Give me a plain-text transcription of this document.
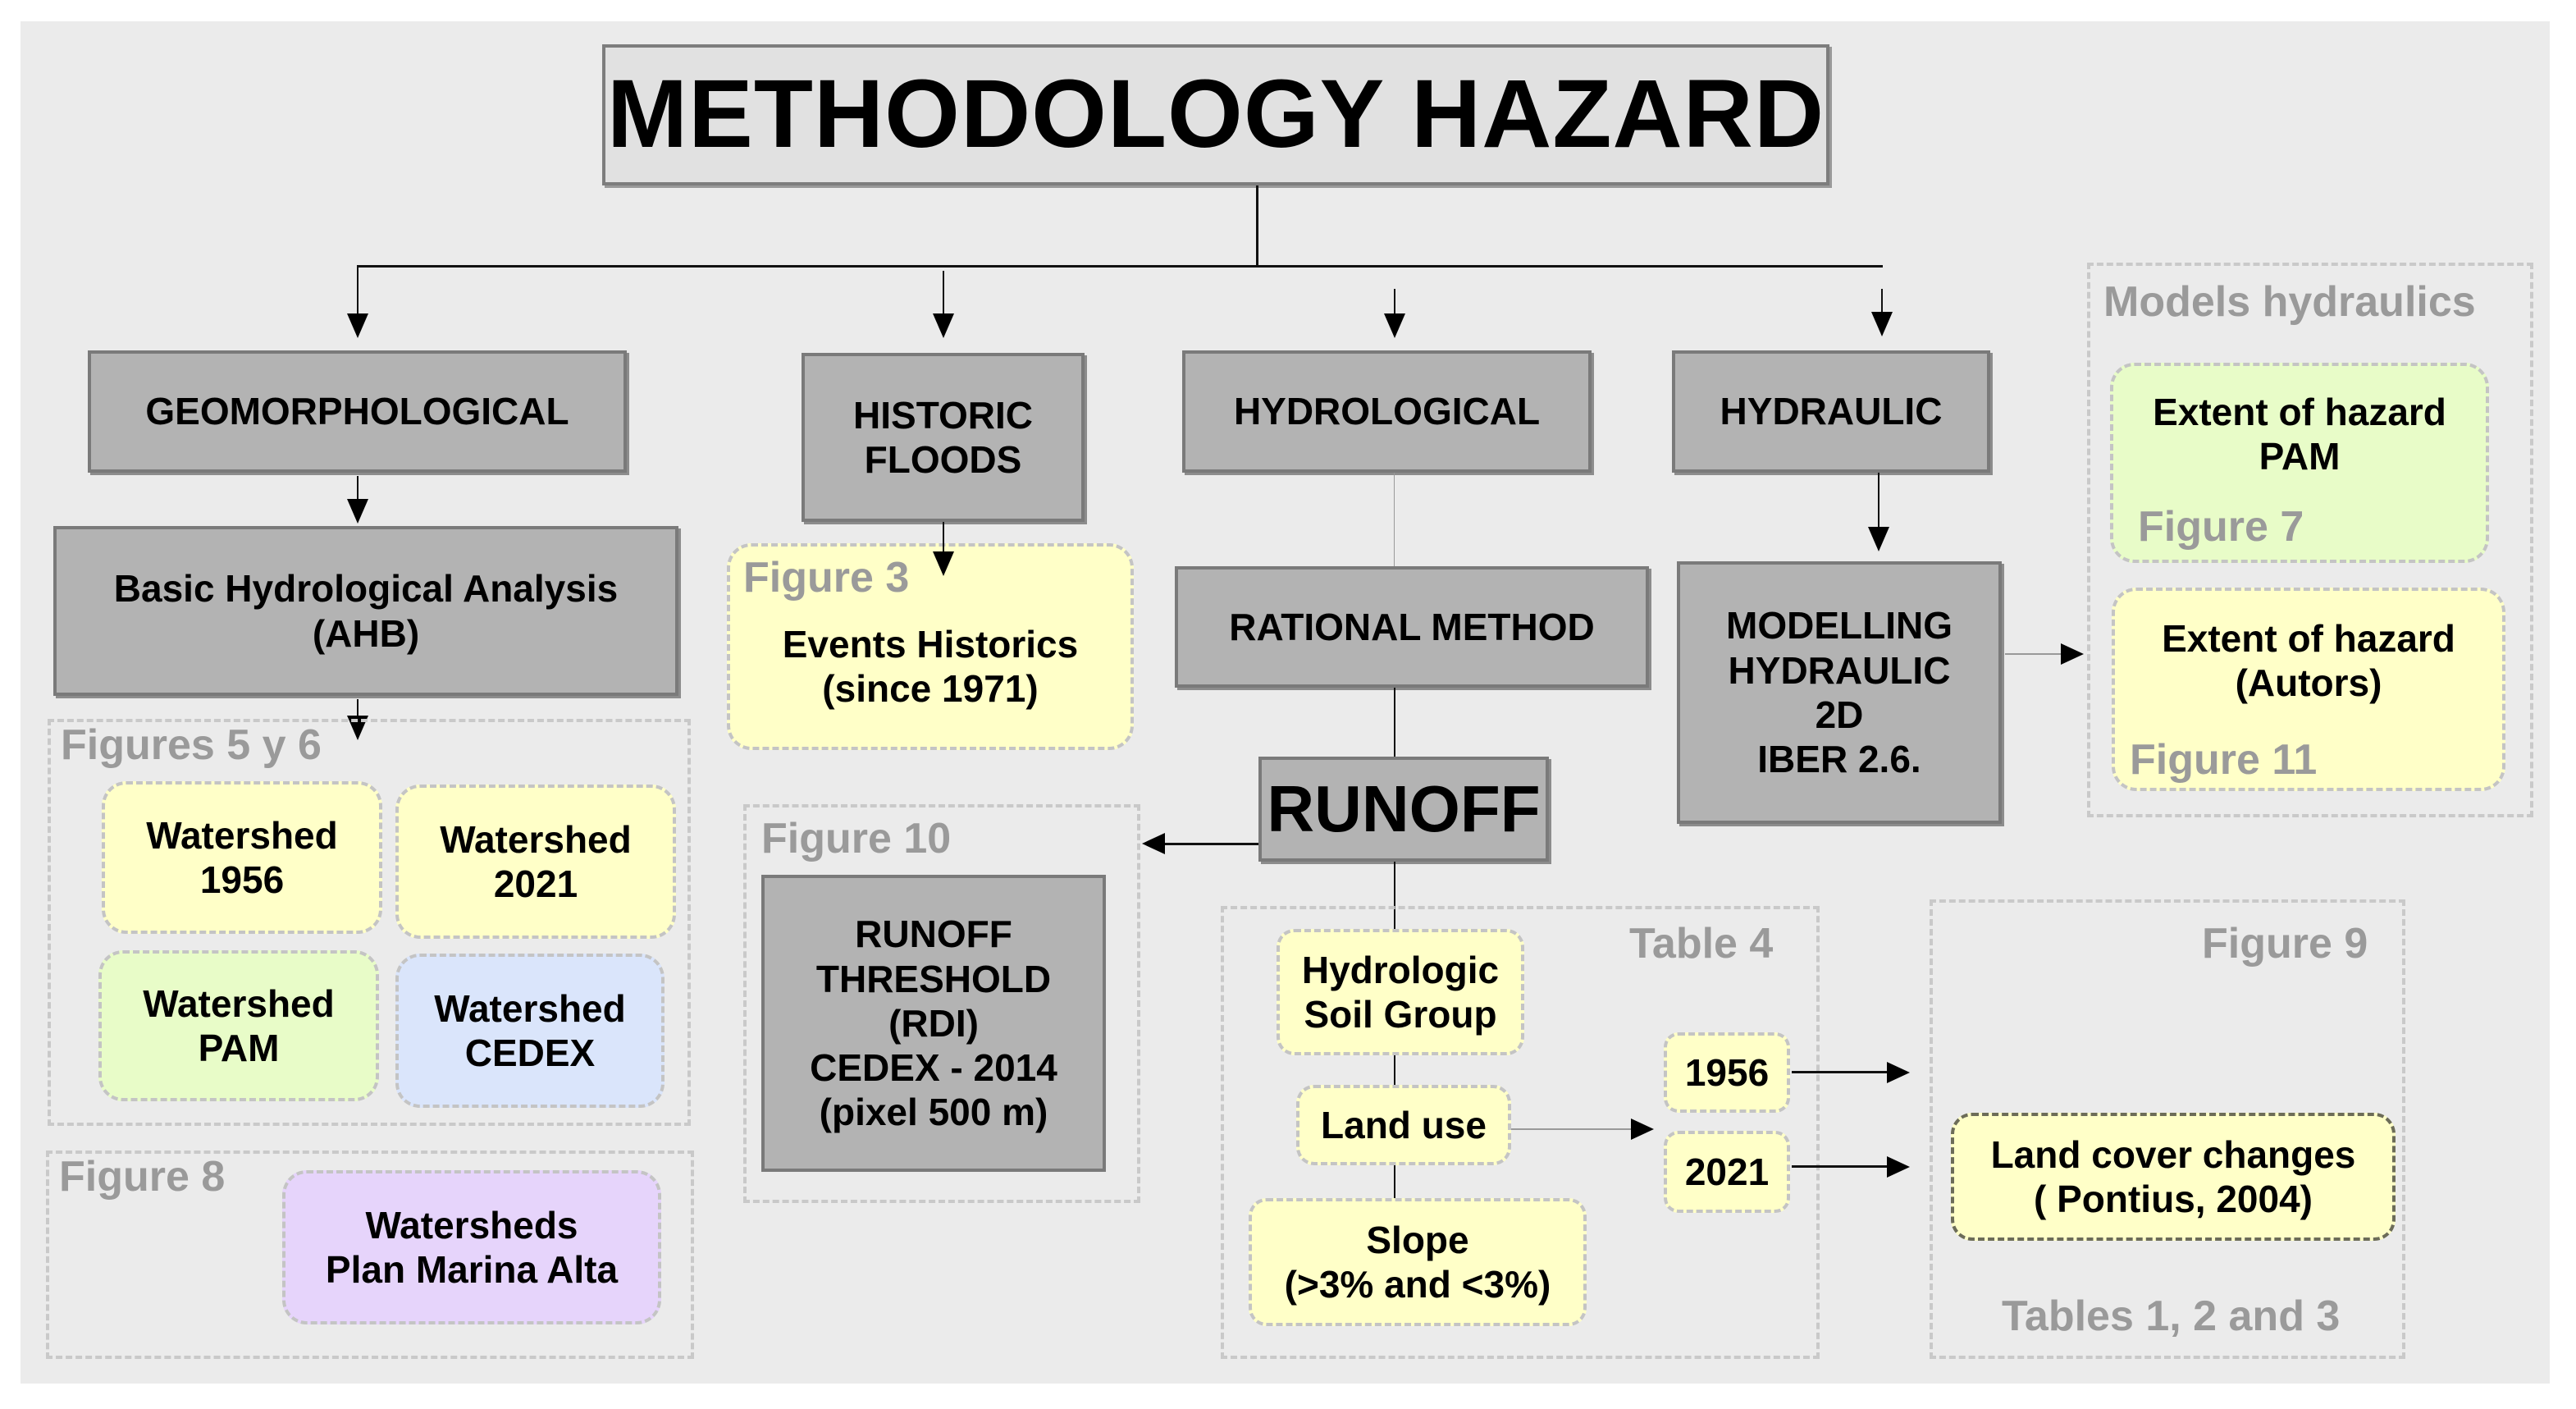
METHODOLOGY HAZARD
GEOMORPHOLOGICAL	HISTORIC
FLOODS
HYDROLOGICAL	HYDRAULIC
Basic Hydrological Analysis
(AHB)
Figures 5 y 6
Watershed
1956
Watershed
2021
Watershed
PAM
Watershed
CEDEX
Figure 8
Watersheds
Plan Marina Alta
Events Historics
(since 1971)
Figure 3
RATIONAL METHOD
RUNOFF
Figure 10
RUNOFF
THRESHOLD
(RDI)
CEDEX - 2014
(pixel 500 m)
Table 4
Hydrologic
Soil Group
Land use
Slope
(>3% and <3%)
1956
2021
Figure 9
Land cover changes
( Pontius, 2004)
Tables 1, 2 and 3
MODELLING
HYDRAULIC
2D
IBER 2.6.
Models hydraulics
Extent of hazard
PAM
Figure 7
Extent of hazard
(Autors)
Figure 11
